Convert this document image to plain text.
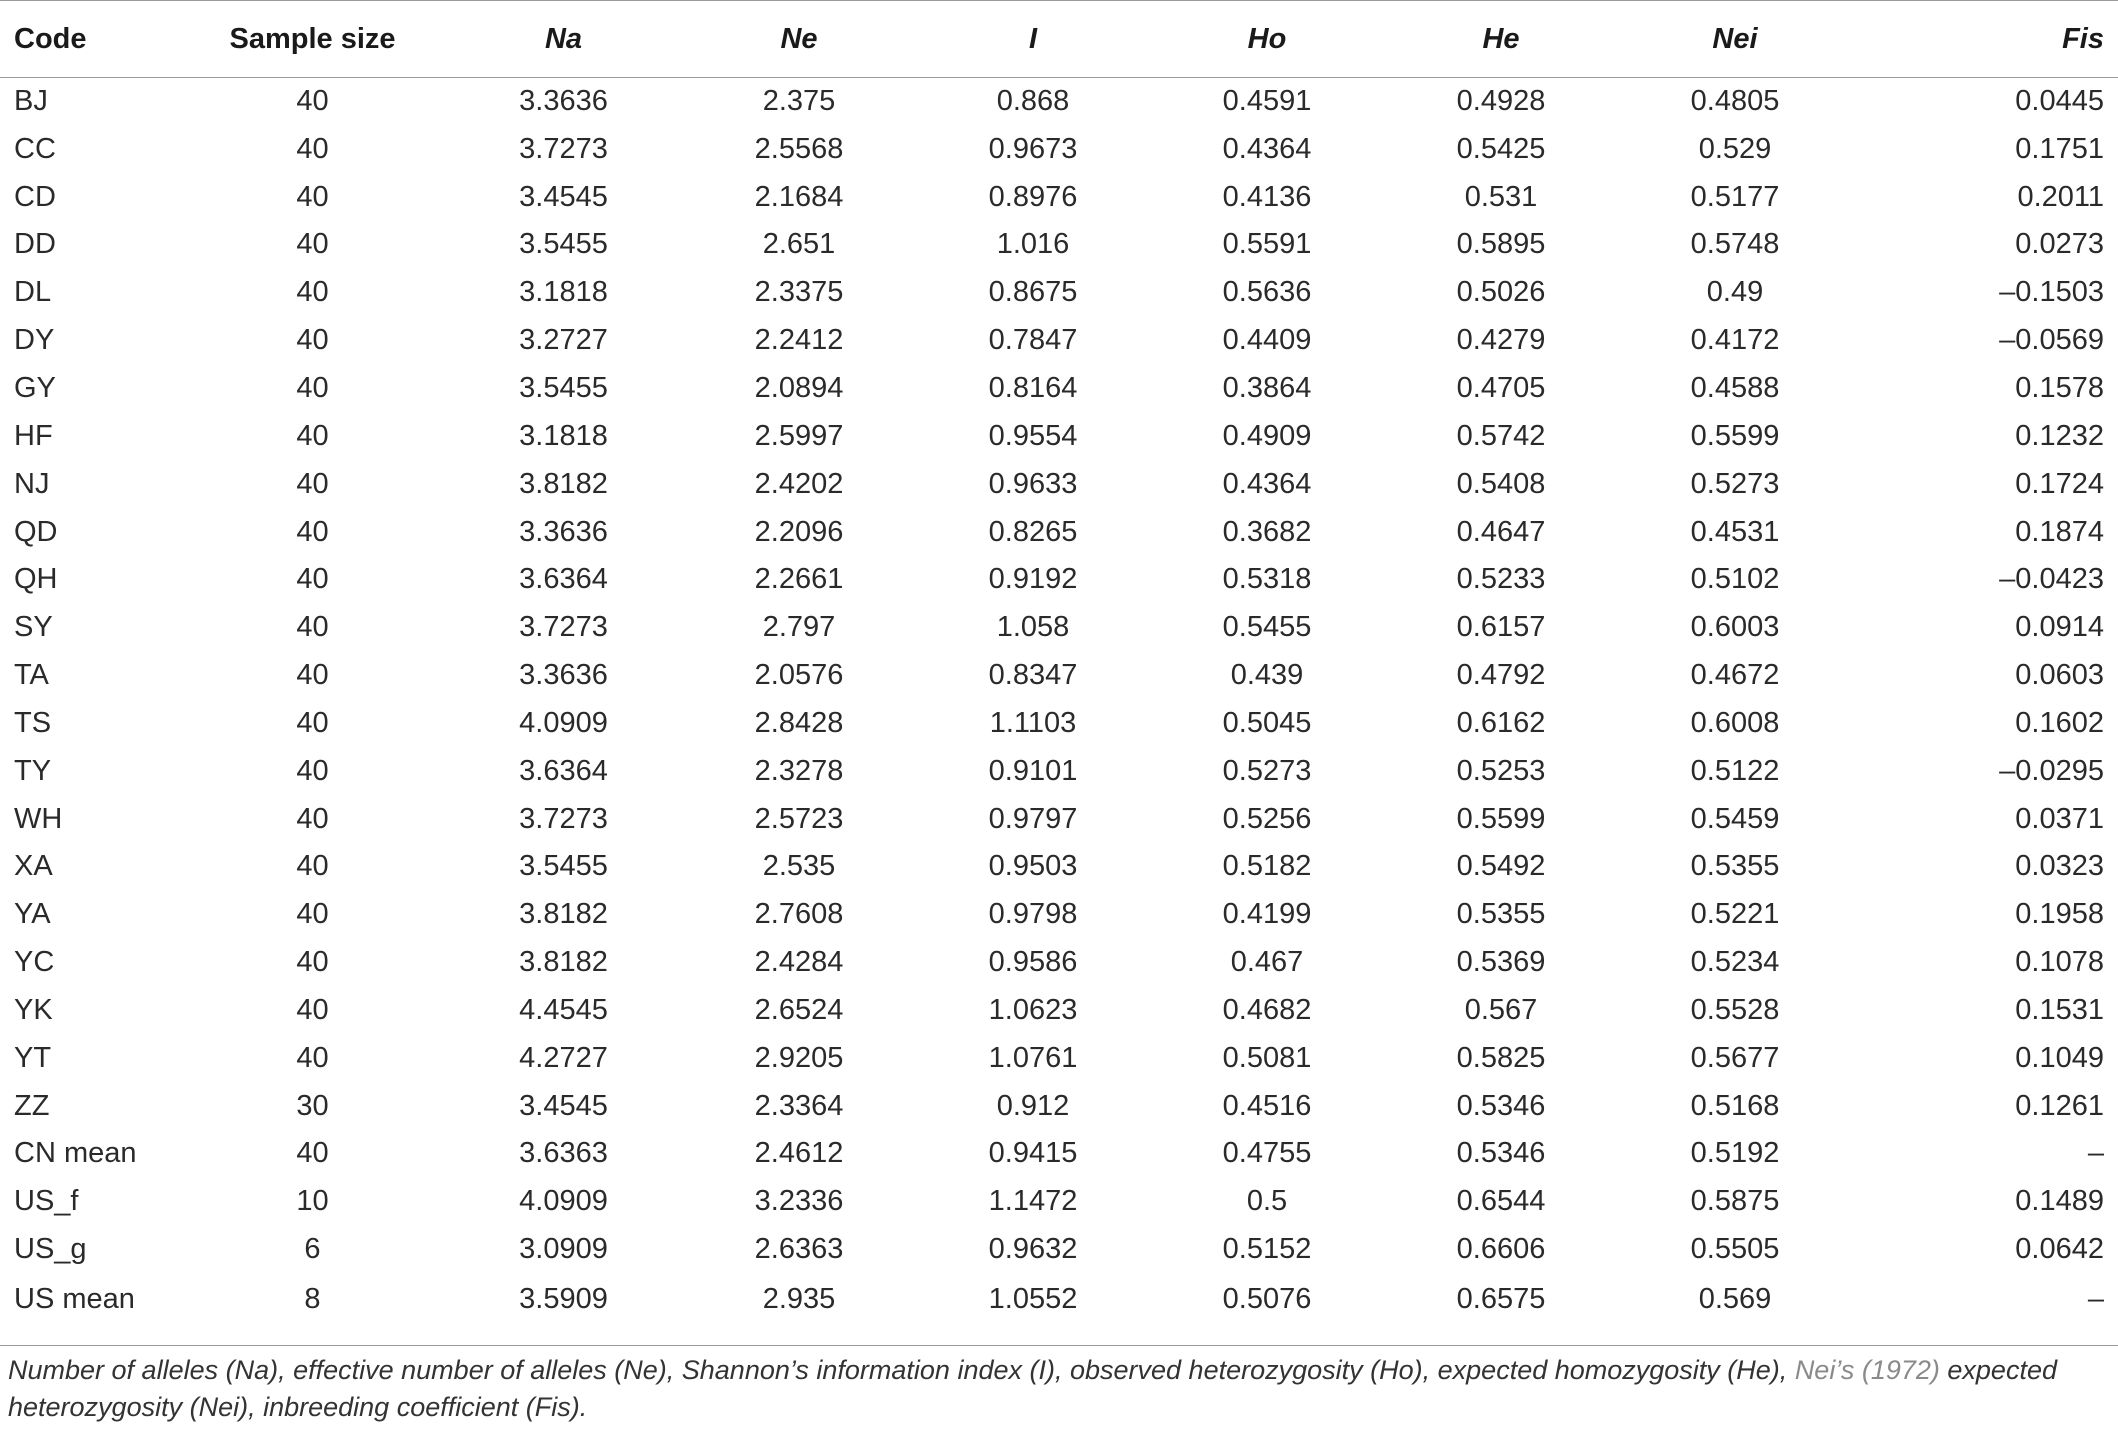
Code	Sample size	Na	Ne	I	Ho	He	Nei	Fis
BJ	40	3.3636	2.375	0.868	0.4591	0.4928	0.4805	0.0445
CC	40	3.7273	2.5568	0.9673	0.4364	0.5425	0.529	0.1751
CD	40	3.4545	2.1684	0.8976	0.4136	0.531	0.5177	0.2011
DD	40	3.5455	2.651	1.016	0.5591	0.5895	0.5748	0.0273
DL	40	3.1818	2.3375	0.8675	0.5636	0.5026	0.49	–0.1503
DY	40	3.2727	2.2412	0.7847	0.4409	0.4279	0.4172	–0.0569
GY	40	3.5455	2.0894	0.8164	0.3864	0.4705	0.4588	0.1578
HF	40	3.1818	2.5997	0.9554	0.4909	0.5742	0.5599	0.1232
NJ	40	3.8182	2.4202	0.9633	0.4364	0.5408	0.5273	0.1724
QD	40	3.3636	2.2096	0.8265	0.3682	0.4647	0.4531	0.1874
QH	40	3.6364	2.2661	0.9192	0.5318	0.5233	0.5102	–0.0423
SY	40	3.7273	2.797	1.058	0.5455	0.6157	0.6003	0.0914
TA	40	3.3636	2.0576	0.8347	0.439	0.4792	0.4672	0.0603
TS	40	4.0909	2.8428	1.1103	0.5045	0.6162	0.6008	0.1602
TY	40	3.6364	2.3278	0.9101	0.5273	0.5253	0.5122	–0.0295
WH	40	3.7273	2.5723	0.9797	0.5256	0.5599	0.5459	0.0371
XA	40	3.5455	2.535	0.9503	0.5182	0.5492	0.5355	0.0323
YA	40	3.8182	2.7608	0.9798	0.4199	0.5355	0.5221	0.1958
YC	40	3.8182	2.4284	0.9586	0.467	0.5369	0.5234	0.1078
YK	40	4.4545	2.6524	1.0623	0.4682	0.567	0.5528	0.1531
YT	40	4.2727	2.9205	1.0761	0.5081	0.5825	0.5677	0.1049
ZZ	30	3.4545	2.3364	0.912	0.4516	0.5346	0.5168	0.1261
CN mean	40	3.6363	2.4612	0.9415	0.4755	0.5346	0.5192	–
US_f	10	4.0909	3.2336	1.1472	0.5	0.6544	0.5875	0.1489
US_g	6	3.0909	2.6363	0.9632	0.5152	0.6606	0.5505	0.0642
US mean	8	3.5909	2.935	1.0552	0.5076	0.6575	0.569	–
Number of alleles (Na), effective number of alleles (Ne), Shannon’s information index (I), observed heterozygosity (Ho), expected homozygosity (He), Nei’s (1972) expected heterozygosity (Nei), inbreeding coefficient (Fis).
